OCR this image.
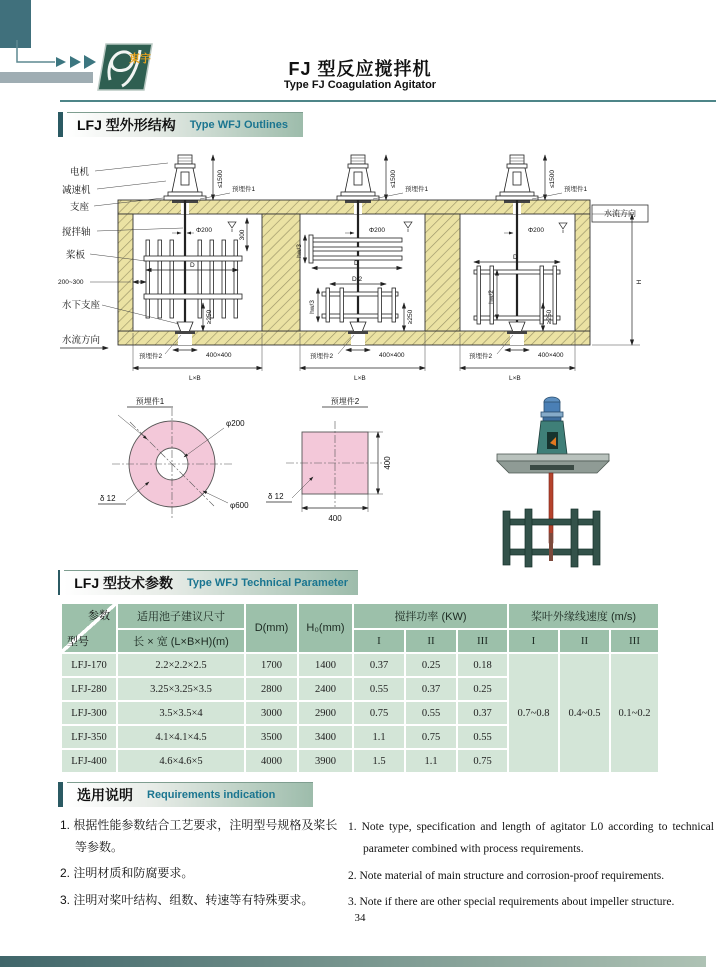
東宇	FJ 型反应搅拌机
Type FJ Coagulation Agitator
LFJ 型外形结构 Type WFJ Outlines
电机
减速机
支座
搅拌轴
桨板
200~300
水下支座
水流方向
≤1500
预埋件1
Φ200	300
D
≥250
预埋件2	400×400
L×B
≤1500
预埋件1
Φ200
hw/3
D
D/2
hw/3
≥250
预埋件2	400×400
L×B
≤1500
预埋件1
Φ200
D
hw/2
≥250
预埋件2	400×400
L×B
水流方向
H
预埋件1
φ200
φ600
δ 12
预埋件2
400
400
δ 12
LFJ 型技术参数 Type WFJ Technical Parameter
参数
型号	适用池子建议尺寸	D(mm)	H₀(mm)	搅拌功率 (KW)			桨叶外缘线速度 (m/s)		
	长 × 宽 (L×B×H)(m)			I	II	III	I	II	III
LFJ-170	2.2×2.2×2.5	1700	1400	0.37	0.25	0.18	0.7~0.8	0.4~0.5	0.1~0.2
LFJ-280	3.25×3.25×3.5	2800	2400	0.55	0.37	0.25			
LFJ-300	3.5×3.5×4	3000	2900	0.75	0.55	0.37			
LFJ-350	4.1×4.1×4.5	3500	3400	1.1	0.75	0.55			
LFJ-400	4.6×4.6×5	4000	3900	1.5	1.1	0.75			
选用说明 Requirements indication

1. 根据性能参数结合工艺要求，注明型号规格及桨长等参数。

2. 注明材质和防腐要求。

3. 注明对桨叶结构、组数、转速等有特殊要求。

1. Note type, specification and length of agitator L0 according to technical parameter combined with process requirements.

2. Note material of main structure and corrosion-proof requirements.

3. Note if there are other special requirements about impeller structure.

34
